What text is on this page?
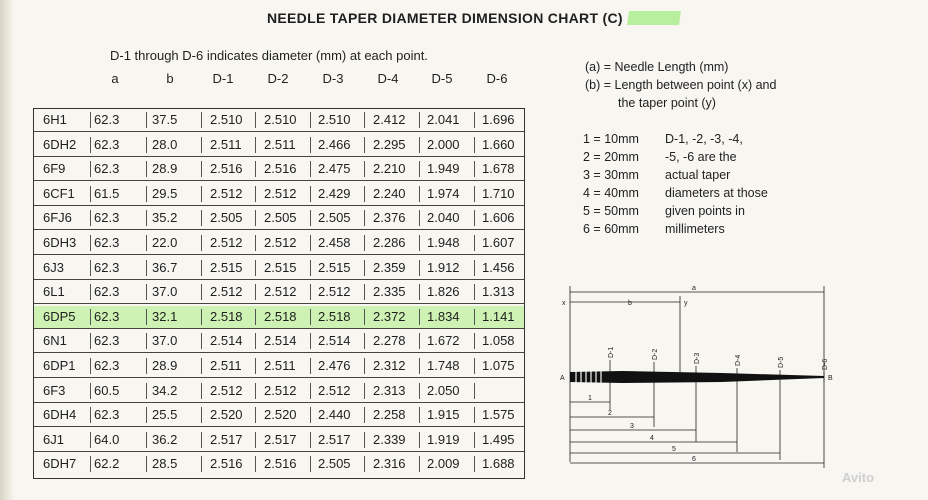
NEEDLE TAPER DIAMETER DIMENSION CHART (C)
D-1 through D-6 indicates diameter (mm) at each point.
a	b	D-1	D-2	D-3	D-4	D-5	D-6
6H1 62.3	37.5	2.510 2.510 2.510 2.412 2.041 1.696
6DH2 62.3	28.0	2.511 2.511 2.466 2.295 2.000 1.660
6F9 62.3	28.9	2.516 2.516 2.475 2.210 1.949 1.678
6CF1 61.5	29.5	2.512 2.512 2.429 2.240 1.974 1.710
6FJ6 62.3	35.2	2.505 2.505 2.505 2.376 2.040 1.606
6DH3 62.3	22.0	2.512 2.512 2.458 2.286 1.948 1.607
6J3 62.3	36.7	2.515 2.515 2.515 2.359 1.912 1.456
6L1 62.3	37.0	2.512 2.512 2.512 2.335 1.826 1.313
6DP5 62.3	32.1	2.518 2.518 2.518 2.372 1.834 1.141
6N1 62.3	37.0	2.514 2.514 2.514 2.278 1.672 1.058
6DP1 62.3	28.9	2.511 2.511 2.476 2.312 1.748 1.075
6F3 60.5	34.2	2.512 2.512 2.512 2.313 2.050
6DH4 62.3	25.5	2.520 2.520 2.440 2.258 1.915 1.575
6J1 64.0	36.2	2.517 2.517 2.517 2.339 1.919 1.495
6DH7 62.2	28.5	2.516 2.516 2.505 2.316 2.009 1.688
(a) = Needle Length (mm)
(b) = Length between point (x) and
the taper point (y)
1 = 10mm D-1, -2, -3, -4,
2 = 20mm -5, -6 are the
3 = 30mm actual taper
4 = 40mm diameters at those
5 = 50mm given points in
6 = 60mm millimeters
a
b
x	y
A	B
D-1	D-2	D-3	D-4	D-5	D-6
1
2
3
4
5
6
Avito
